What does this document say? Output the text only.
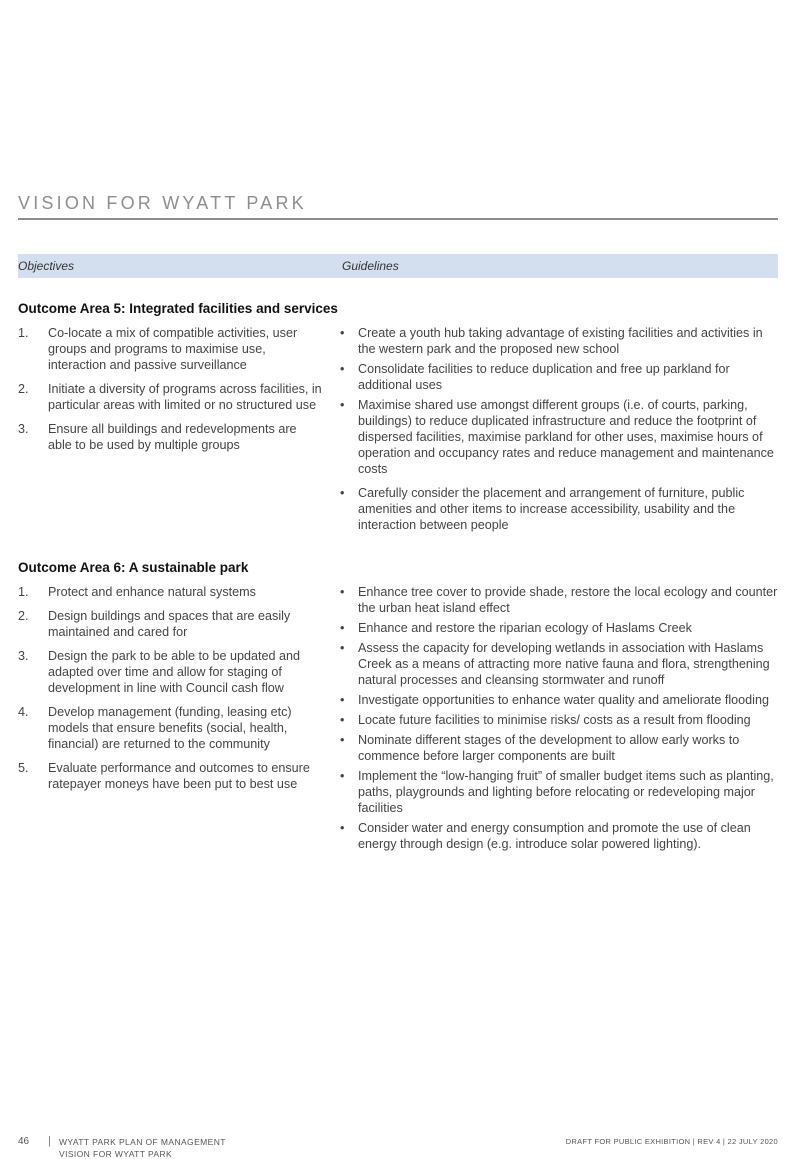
VISION FOR WYATT PARK
Objectives	Guidelines
Outcome Area 5: Integrated facilities and services
1. Co-locate a mix of compatible activities, user groups and programs to maximise use, interaction and passive surveillance
2. Initiate a diversity of programs across facilities, in particular areas with limited or no structured use
3. Ensure all buildings and redevelopments are able to be used by multiple groups
• Create a youth hub taking advantage of existing facilities and activities in the western park and the proposed new school
• Consolidate facilities to reduce duplication and free up parkland for additional uses
• Maximise shared use amongst different groups (i.e. of courts, parking, buildings) to reduce duplicated infrastructure and reduce the footprint of dispersed facilities, maximise parkland for other uses, maximise hours of operation and occupancy rates and reduce management and maintenance costs
• Carefully consider the placement and arrangement of furniture, public amenities and other items to increase accessibility, usability and the interaction between people
Outcome Area 6: A sustainable park
1. Protect and enhance natural systems
2. Design buildings and spaces that are easily maintained and cared for
3. Design the park to be able to be updated and adapted over time and allow for staging of development in line with Council cash flow
4. Develop management (funding, leasing etc) models that ensure benefits (social, health, financial) are returned to the community
5. Evaluate performance and outcomes to ensure ratepayer moneys have been put to best use
• Enhance tree cover to provide shade, restore the local ecology and counter the urban heat island effect
• Enhance and restore the riparian ecology of Haslams Creek
• Assess the capacity for developing wetlands in association with Haslams Creek as a means of attracting more native fauna and flora, strengthening natural processes and cleansing stormwater and runoff
• Investigate opportunities to enhance water quality and ameliorate flooding
• Locate future facilities to minimise risks/ costs as a result from flooding
• Nominate different stages of the development to allow early works to commence before larger components are built
• Implement the “low-hanging fruit” of smaller budget items such as planting, paths, playgrounds and lighting before relocating or redeveloping major facilities
• Consider water and energy consumption and promote the use of clean energy through design (e.g. introduce solar powered lighting).
46 | WYATT PARK PLAN OF MANAGEMENT
VISION FOR WYATT PARK
DRAFT FOR PUBLIC EXHIBITION | REV 4 | 22 JULY 2020
